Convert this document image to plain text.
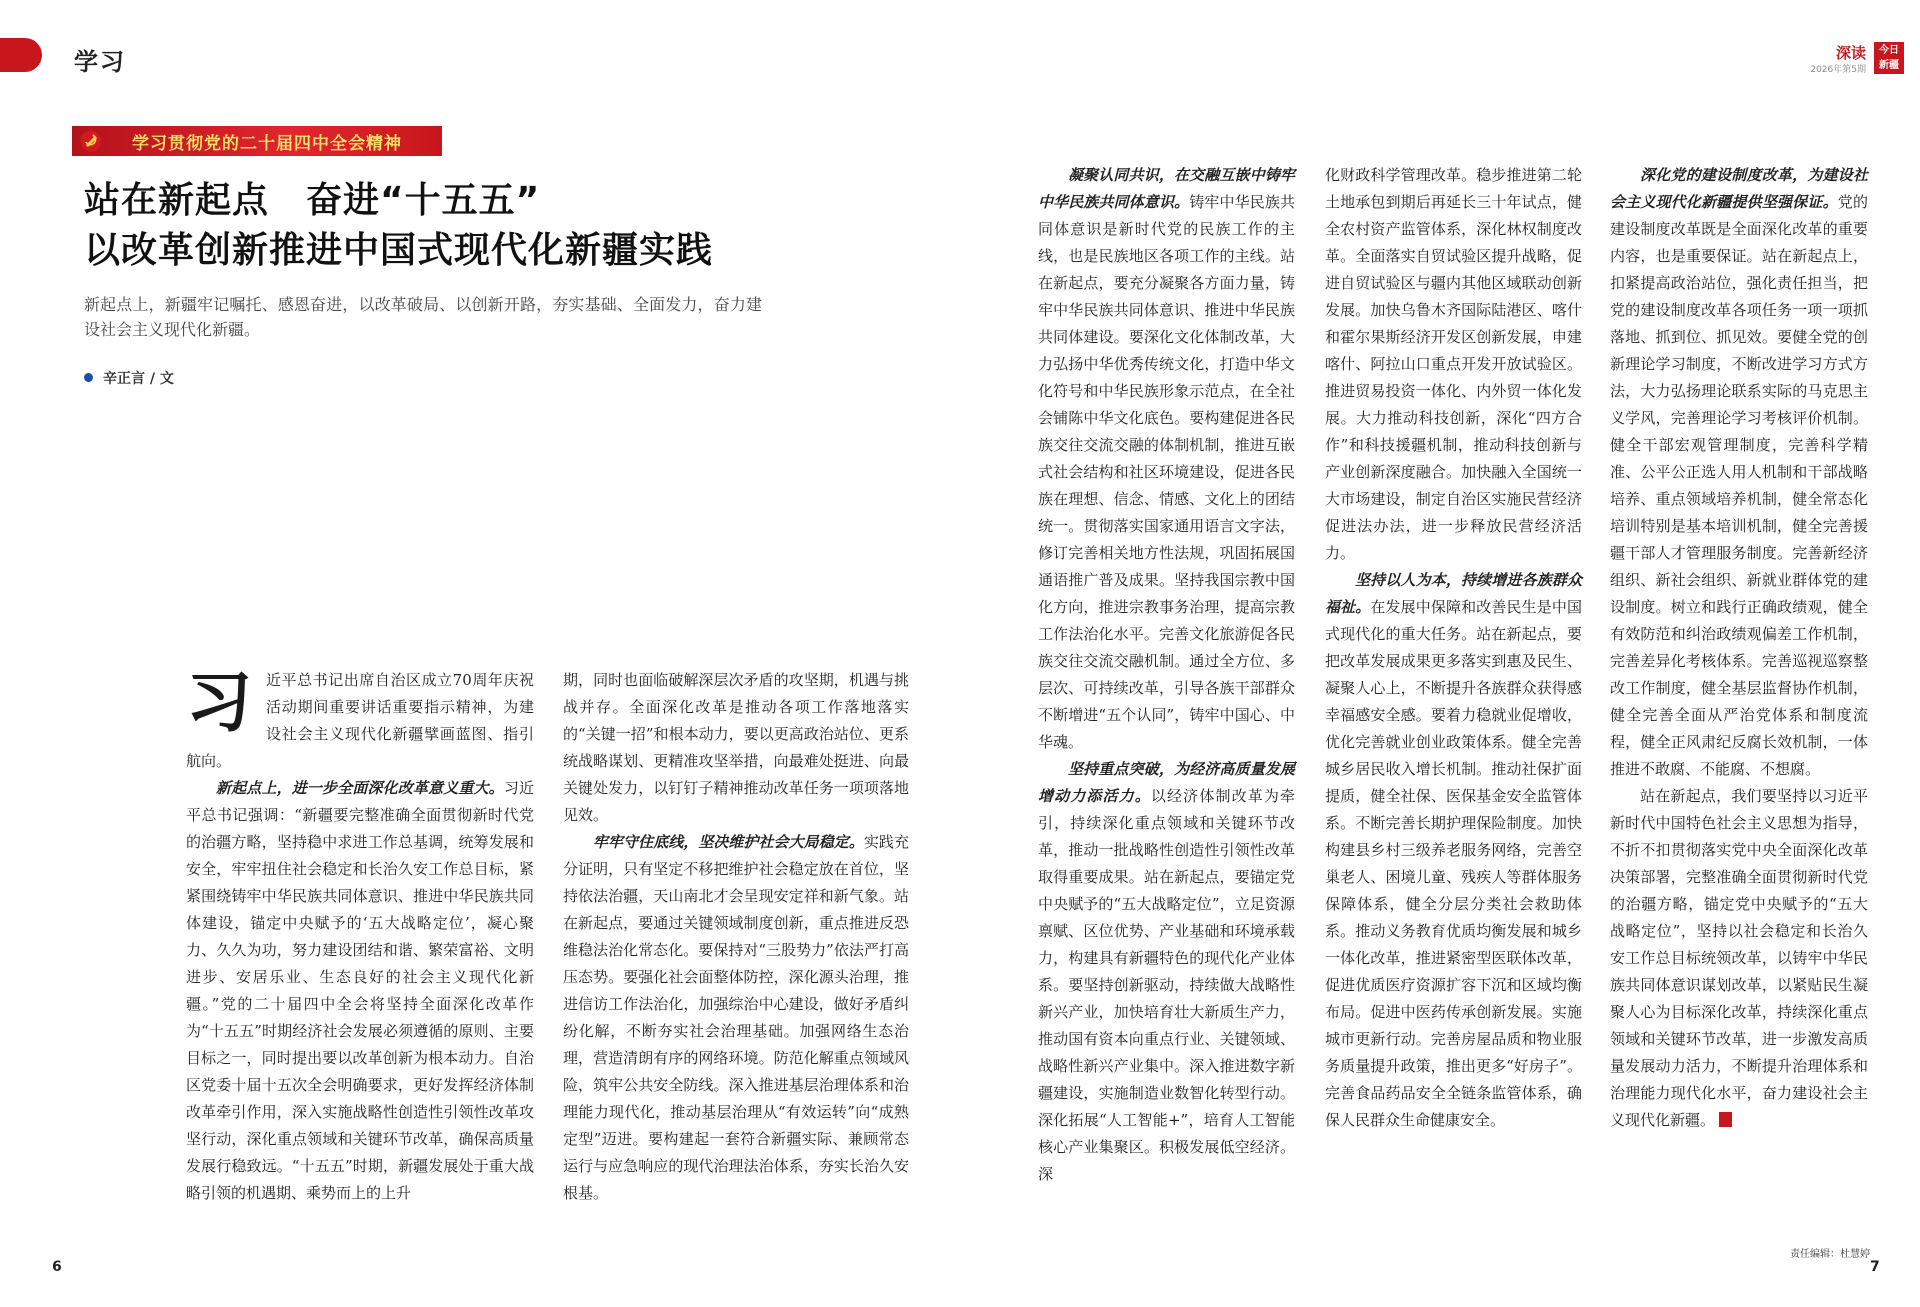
学习	深读
2026年第5期
今日
新疆
学习贯彻党的二十届四中全会精神
站在新起点　奋进“十五五”
以改革创新推进中国式现代化新疆实践
新起点上，新疆牢记嘱托、感恩奋进，以改革破局、以创新开路，夯实基础、全面发力，奋力建设社会主义现代化新疆。
辛正言 / 文

习近平总书记出席自治区成立70周年庆祝活动期间重要讲话重要指示精神，为建设社会主义现代化新疆擘画蓝图、指引航向。

新起点上，进一步全面深化改革意义重大。习近平总书记强调：“新疆要完整准确全面贯彻新时代党的治疆方略，坚持稳中求进工作总基调，统筹发展和安全，牢牢扭住社会稳定和长治久安工作总目标，紧紧围绕铸牢中华民族共同体意识、推进中华民族共同体建设，锚定中央赋予的‘五大战略定位’，凝心聚力、久久为功，努力建设团结和谐、繁荣富裕、文明进步、安居乐业、生态良好的社会主义现代化新疆。”党的二十届四中全会将坚持全面深化改革作为“十五五”时期经济社会发展必须遵循的原则、主要目标之一，同时提出要以改革创新为根本动力。自治区党委十届十五次全会明确要求，更好发挥经济体制改革牵引作用，深入实施战略性创造性引领性改革攻坚行动，深化重点领域和关键环节改革，确保高质量发展行稳致远。“十五五”时期，新疆发展处于重大战略引领的机遇期、乘势而上的上升

期，同时也面临破解深层次矛盾的攻坚期，机遇与挑战并存。全面深化改革是推动各项工作落地落实的“关键一招”和根本动力，要以更高政治站位、更系统战略谋划、更精准攻坚举措，向最难处挺进、向最关键处发力，以钉钉子精神推动改革任务一项项落地见效。

牢牢守住底线，坚决维护社会大局稳定。实践充分证明，只有坚定不移把维护社会稳定放在首位，坚持依法治疆，天山南北才会呈现安定祥和新气象。站在新起点，要通过关键领域制度创新，重点推进反恐维稳法治化常态化。要保持对“三股势力”依法严打高压态势。要强化社会面整体防控，深化源头治理，推进信访工作法治化，加强综治中心建设，做好矛盾纠纷化解，不断夯实社会治理基础。加强网络生态治理，营造清朗有序的网络环境。防范化解重点领域风险，筑牢公共安全防线。深入推进基层治理体系和治理能力现代化，推动基层治理从“有效运转”向“成熟定型”迈进。要构建起一套符合新疆实际、兼顾常态运行与应急响应的现代治理法治体系，夯实长治久安根基。

凝聚认同共识，在交融互嵌中铸牢中华民族共同体意识。铸牢中华民族共同体意识是新时代党的民族工作的主线，也是民族地区各项工作的主线。站在新起点，要充分凝聚各方面力量，铸牢中华民族共同体意识、推进中华民族共同体建设。要深化文化体制改革，大力弘扬中华优秀传统文化，打造中华文化符号和中华民族形象示范点，在全社会铺陈中华文化底色。要构建促进各民族交往交流交融的体制机制，推进互嵌式社会结构和社区环境建设，促进各民族在理想、信念、情感、文化上的团结统一。贯彻落实国家通用语言文字法，修订完善相关地方性法规，巩固拓展国通语推广普及成果。坚持我国宗教中国化方向，推进宗教事务治理，提高宗教工作法治化水平。完善文化旅游促各民族交往交流交融机制。通过全方位、多层次、可持续改革，引导各族干部群众不断增进“五个认同”，铸牢中国心、中华魂。

坚持重点突破，为经济高质量发展增动力添活力。以经济体制改革为牵引，持续深化重点领域和关键环节改革，推动一批战略性创造性引领性改革取得重要成果。站在新起点，要锚定党中央赋予的“五大战略定位”，立足资源禀赋、区位优势、产业基础和环境承载力，构建具有新疆特色的现代化产业体系。要坚持创新驱动，持续做大战略性新兴产业，加快培育壮大新质生产力，推动国有资本向重点行业、关键领域、战略性新兴产业集中。深入推进数字新疆建设，实施制造业数智化转型行动。深化拓展“人工智能+”，培育人工智能核心产业集聚区。积极发展低空经济。深

化财政科学管理改革。稳步推进第二轮土地承包到期后再延长三十年试点，健全农村资产监管体系，深化林权制度改革。全面落实自贸试验区提升战略，促进自贸试验区与疆内其他区域联动创新发展。加快乌鲁木齐国际陆港区、喀什和霍尔果斯经济开发区创新发展，申建喀什、阿拉山口重点开发开放试验区。推进贸易投资一体化、内外贸一体化发展。大力推动科技创新，深化“四方合作”和科技援疆机制，推动科技创新与产业创新深度融合。加快融入全国统一大市场建设，制定自治区实施民营经济促进法办法，进一步释放民营经济活力。

坚持以人为本，持续增进各族群众福祉。在发展中保障和改善民生是中国式现代化的重大任务。站在新起点，要把改革发展成果更多落实到惠及民生、凝聚人心上，不断提升各族群众获得感幸福感安全感。要着力稳就业促增收，优化完善就业创业政策体系。健全完善城乡居民收入增长机制。推动社保扩面提质，健全社保、医保基金安全监管体系。不断完善长期护理保险制度。加快构建县乡村三级养老服务网络，完善空巢老人、困境儿童、残疾人等群体服务保障体系，健全分层分类社会救助体系。推动义务教育优质均衡发展和城乡一体化改革，推进紧密型医联体改革，促进优质医疗资源扩容下沉和区域均衡布局。促进中医药传承创新发展。实施城市更新行动。完善房屋品质和物业服务质量提升政策，推出更多“好房子”。完善食品药品安全全链条监管体系，确保人民群众生命健康安全。

深化党的建设制度改革，为建设社会主义现代化新疆提供坚强保证。党的建设制度改革既是全面深化改革的重要内容，也是重要保证。站在新起点上，扣紧提高政治站位，强化责任担当，把党的建设制度改革各项任务一项一项抓落地、抓到位、抓见效。要健全党的创新理论学习制度，不断改进学习方式方法，大力弘扬理论联系实际的马克思主义学风，完善理论学习考核评价机制。健全干部宏观管理制度，完善科学精准、公平公正选人用人机制和干部战略培养、重点领域培养机制，健全常态化培训特别是基本培训机制，健全完善援疆干部人才管理服务制度。完善新经济组织、新社会组织、新就业群体党的建设制度。树立和践行正确政绩观，健全有效防范和纠治政绩观偏差工作机制，完善差异化考核体系。完善巡视巡察整改工作制度，健全基层监督协作机制，健全完善全面从严治党体系和制度流程，健全正风肃纪反腐长效机制，一体推进不敢腐、不能腐、不想腐。

站在新起点，我们要坚持以习近平新时代中国特色社会主义思想为指导，不折不扣贯彻落实党中央全面深化改革决策部署，完整准确全面贯彻新时代党的治疆方略，锚定党中央赋予的“五大战略定位”，坚持以社会稳定和长治久安工作总目标统领改革，以铸牢中华民族共同体意识谋划改革，以紧贴民生凝聚人心为目标深化改革，持续深化重点领域和关键环节改革，进一步激发高质量发展动力活力，不断提升治理体系和治理能力现代化水平，奋力建设社会主义现代化新疆。

6
责任编辑：杜慧婷
7
